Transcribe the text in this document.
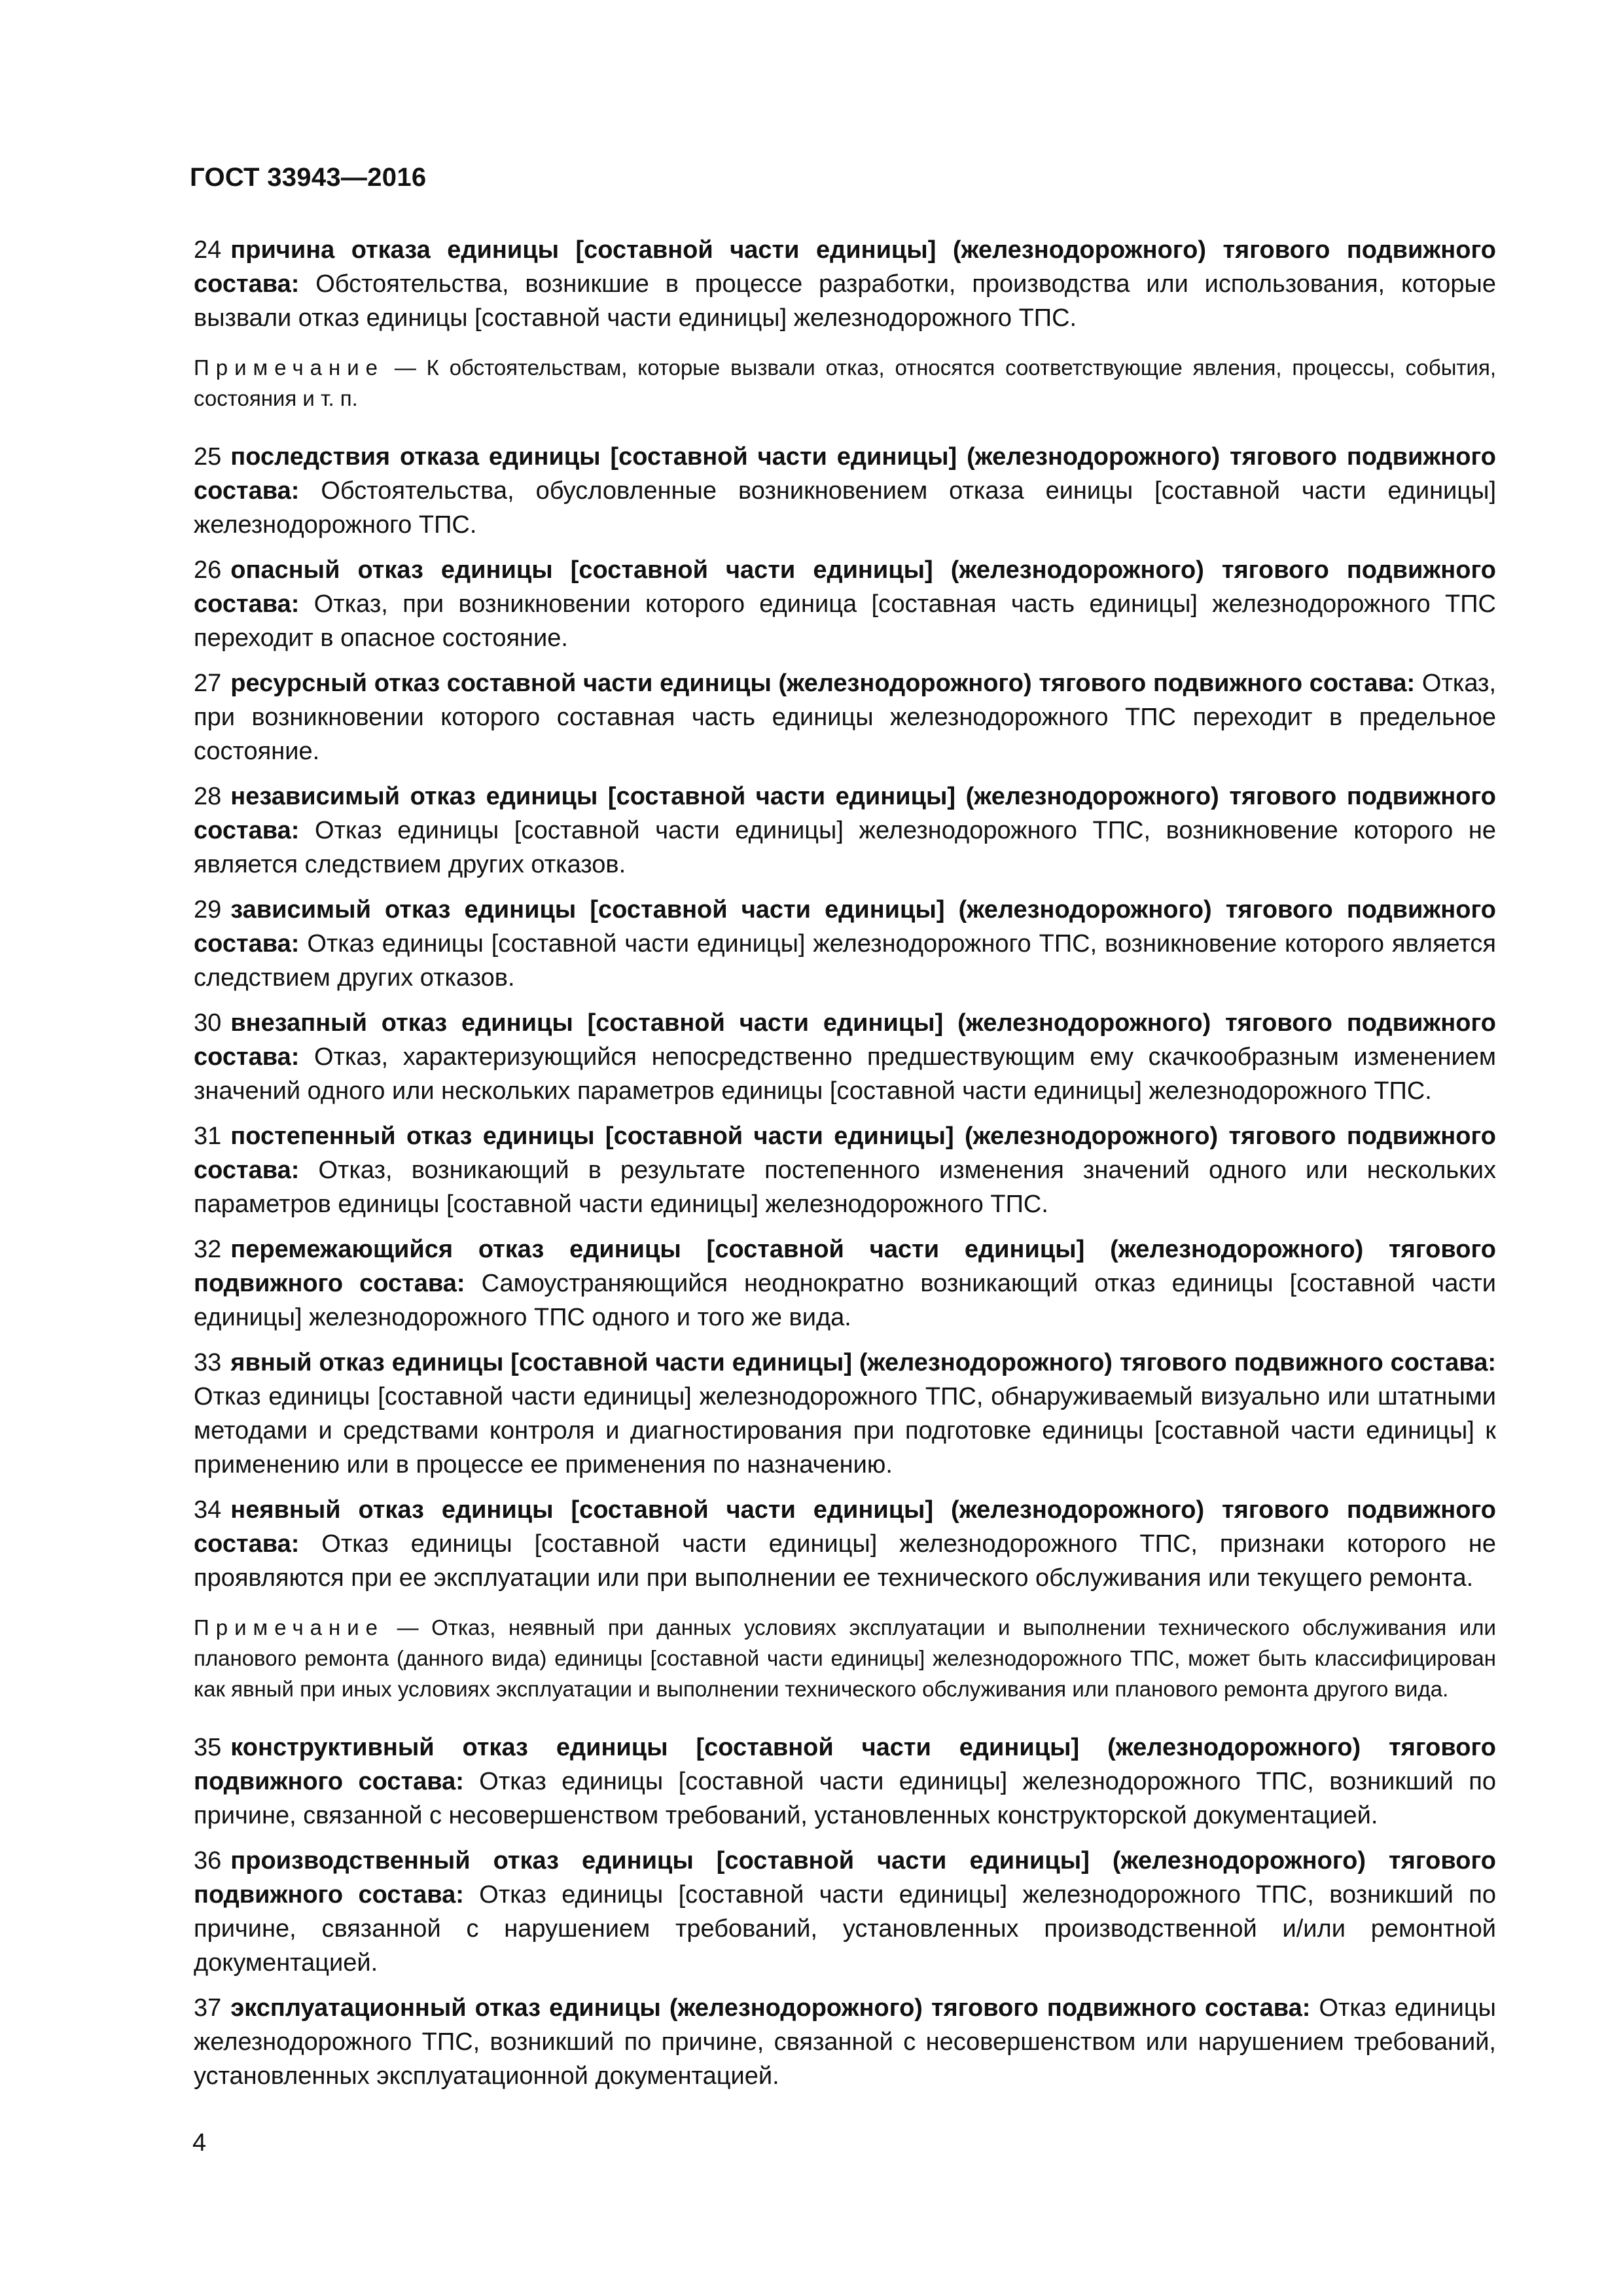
ГОСТ 33943—2016

24 причина отказа единицы [составной части единицы] (железнодорожного) тягового подвижного состава: Обстоятельства, возникшие в процессе разработки, производства или использования, которые вызвали отказ единицы [составной части единицы] железнодорожного ТПС.

Примечание — К обстоятельствам, которые вызвали отказ, относятся соответствующие явления, процессы, события, состояния и т. п.

25 последствия отказа единицы [составной части единицы] (железнодорожного) тягового подвижного состава: Обстоятельства, обусловленные возникновением отказа еиницы [составной части единицы] железнодорожного ТПС.

26 опасный отказ единицы [составной части единицы] (железнодорожного) тягового подвижного состава: Отказ, при возникновении которого единица [составная часть единицы] железнодорожного ТПС переходит в опасное состояние.

27 ресурсный отказ составной части единицы (железнодорожного) тягового подвижного состава: Отказ, при возникновении которого составная часть единицы железнодорожного ТПС переходит в предельное состояние.

28 независимый отказ единицы [составной части единицы] (железнодорожного) тягового подвижного состава: Отказ единицы [составной части единицы] железнодорожного ТПС, возникновение которого не является следствием других отказов.

29 зависимый отказ единицы [составной части единицы] (железнодорожного) тягового подвижного состава: Отказ единицы [составной части единицы] железнодорожного ТПС, возникновение которого является следствием других отказов.

30 внезапный отказ единицы [составной части единицы] (железнодорожного) тягового подвижного состава: Отказ, характеризующийся непосредственно предшествующим ему скачкообразным изменением значений одного или нескольких параметров единицы [составной части единицы] железнодорожного ТПС.

31 постепенный отказ единицы [составной части единицы] (железнодорожного) тягового подвижного состава: Отказ, возникающий в результате постепенного изменения значений одного или нескольких параметров единицы [составной части единицы] железнодорожного ТПС.

32 перемежающийся отказ единицы [составной части единицы] (железнодорожного) тягового подвижного состава: Самоустраняющийся неоднократно возникающий отказ единицы [составной части единицы] железнодорожного ТПС одного и того же вида.

33 явный отказ единицы [составной части единицы] (железнодорожного) тягового подвижного состава: Отказ единицы [составной части единицы] железнодорожного ТПС, обнаруживаемый визуально или штатными методами и средствами контроля и диагностирования при подготовке единицы [составной части единицы] к применению или в процессе ее применения по назначению.

34 неявный отказ единицы [составной части единицы] (железнодорожного) тягового подвижного состава: Отказ единицы [составной части единицы] железнодорожного ТПС, признаки которого не проявляются при ее эксплуатации или при выполнении ее технического обслуживания или текущего ремонта.

Примечание — Отказ, неявный при данных условиях эксплуатации и выполнении технического обслуживания или планового ремонта (данного вида) единицы [составной части единицы] железнодорожного ТПС, может быть классифицирован как явный при иных условиях эксплуатации и выполнении технического обслуживания или планового ремонта другого вида.

35 конструктивный отказ единицы [составной части единицы] (железнодорожного) тягового подвижного состава: Отказ единицы [составной части единицы] железнодорожного ТПС, возникший по причине, связанной с несовершенством требований, установленных конструкторской документацией.

36 производственный отказ единицы [составной части единицы] (железнодорожного) тягового подвижного состава: Отказ единицы [составной части единицы] железнодорожного ТПС, возникший по причине, связанной с нарушением требований, установленных производственной и/или ремонтной документацией.

37 эксплуатационный отказ единицы (железнодорожного) тягового подвижного состава: Отказ единицы железнодорожного ТПС, возникший по причине, связанной с несовершенством или нарушением требований, установленных эксплуатационной документацией.

4
